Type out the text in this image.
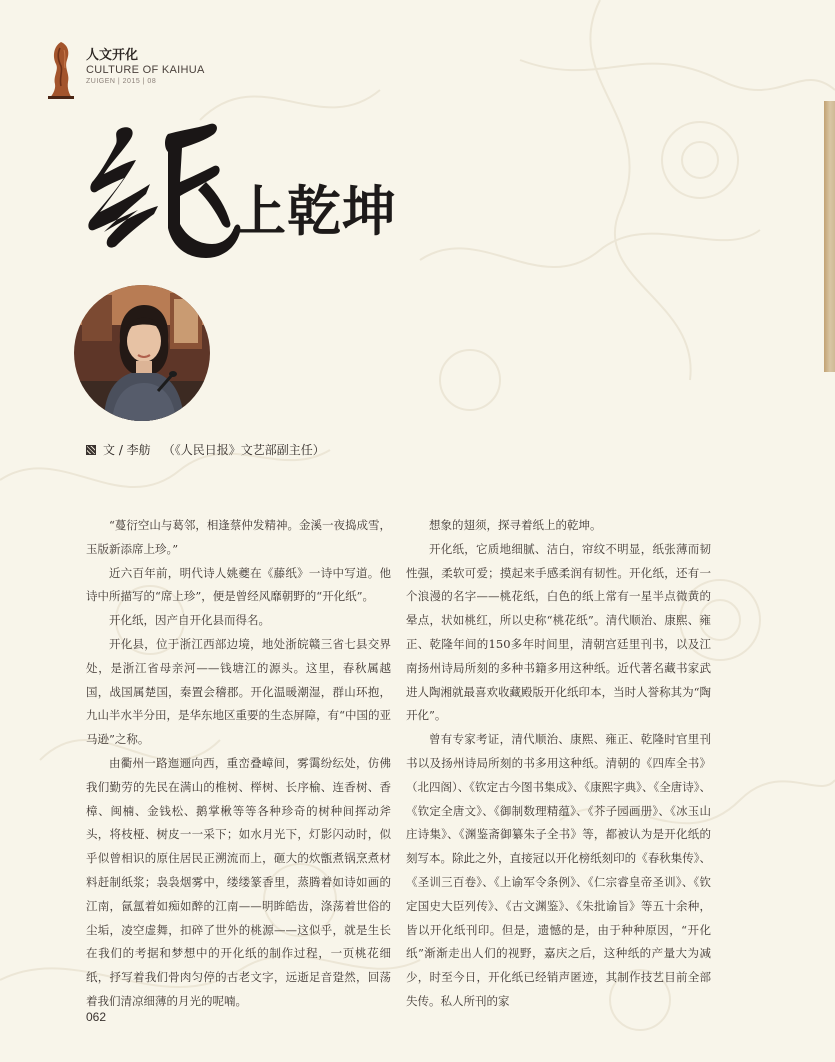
人文开化
CULTURE OF KAIHUA
ZUIGEN | 2015 | 08
上乾坤
文 / 李舫 （《人民日报》文艺部副主任）

“蔓衍空山与葛邻，相逢蔡仲发精神。金溪一夜捣成雪，玉版新添席上珍。”

近六百年前，明代诗人姚夔在《藤纸》一诗中写道。他诗中所描写的“席上珍”，便是曾经风靡朝野的“开化纸”。

开化纸，因产自开化县而得名。

开化县，位于浙江西部边境，地处浙皖赣三省七县交界处，是浙江省母亲河——钱塘江的源头。这里，春秋属越国，战国属楚国，秦置会稽郡。开化温暖潮湿，群山环抱，九山半水半分田，是华东地区重要的生态屏障，有“中国的亚马逊”之称。

由衢州一路迤逦向西，重峦叠嶂间，雾霭纷纭处，仿佛我们勤劳的先民在满山的椎树、榉树、长序榆、连香树、香樟、闽楠、金钱松、鹅掌楸等等各种珍奇的树种间挥动斧头，将枝桠、树皮一一采下；如水月光下，灯影闪动时，似乎似曾相识的原住居民正溯流而上，砸大的炊甑煮锅烹煮材料赶制纸浆；袅袅烟雾中，缕缕篆香里，蒸腾着如诗如画的江南，氤氲着如痴如醉的江南——明眸皓齿，涤荡着世俗的尘垢，凌空虚舞，扣碎了世外的桃源——这似乎，就是生长在我们的考据和梦想中的开化纸的制作过程，一页桃花细纸，抒写着我们骨肉匀停的古老文字，远逝足音跫然，回荡着我们清凉细薄的月光的呢喃。

想象的翅须，探寻着纸上的乾坤。

开化纸，它质地细腻、洁白，帘纹不明显，纸张薄而韧性强，柔软可爱；摸起来手感柔润有韧性。开化纸，还有一个浪漫的名字——桃花纸，白色的纸上常有一星半点微黄的晕点，状如桃红，所以史称“桃花纸”。清代顺治、康熙、雍正、乾隆年间的150多年时间里，清朝宫廷里刊书，以及江南扬州诗局所刻的多种书籍多用这种纸。近代著名藏书家武进人陶湘就最喜欢收藏殿版开化纸印本，当时人誉称其为“陶开化”。

曾有专家考证，清代顺治、康熙、雍正、乾隆时官里刊书以及扬州诗局所刻的书多用这种纸。清朝的《四库全书》（北四阁）、《钦定古今图书集成》、《康熙字典》、《全唐诗》、《钦定全唐文》、《御制数理精蕴》、《芥子园画册》、《冰玉山庄诗集》、《渊鉴斋御纂朱子全书》等，都被认为是开化纸的刻写本。除此之外，直接冠以开化榜纸刻印的《春秋集传》、《圣训三百卷》、《上谕军令条例》、《仁宗睿皇帝圣训》、《钦定国史大臣列传》、《古文渊鉴》、《朱批谕旨》等五十余种，皆以开化纸刊印。但是，遗憾的是，由于种种原因，“开化纸”渐渐走出人们的视野，嘉庆之后，这种纸的产量大为减少，时至今日，开化纸已经销声匿迹，其制作技艺目前全部失传。私人所刊的家

062
